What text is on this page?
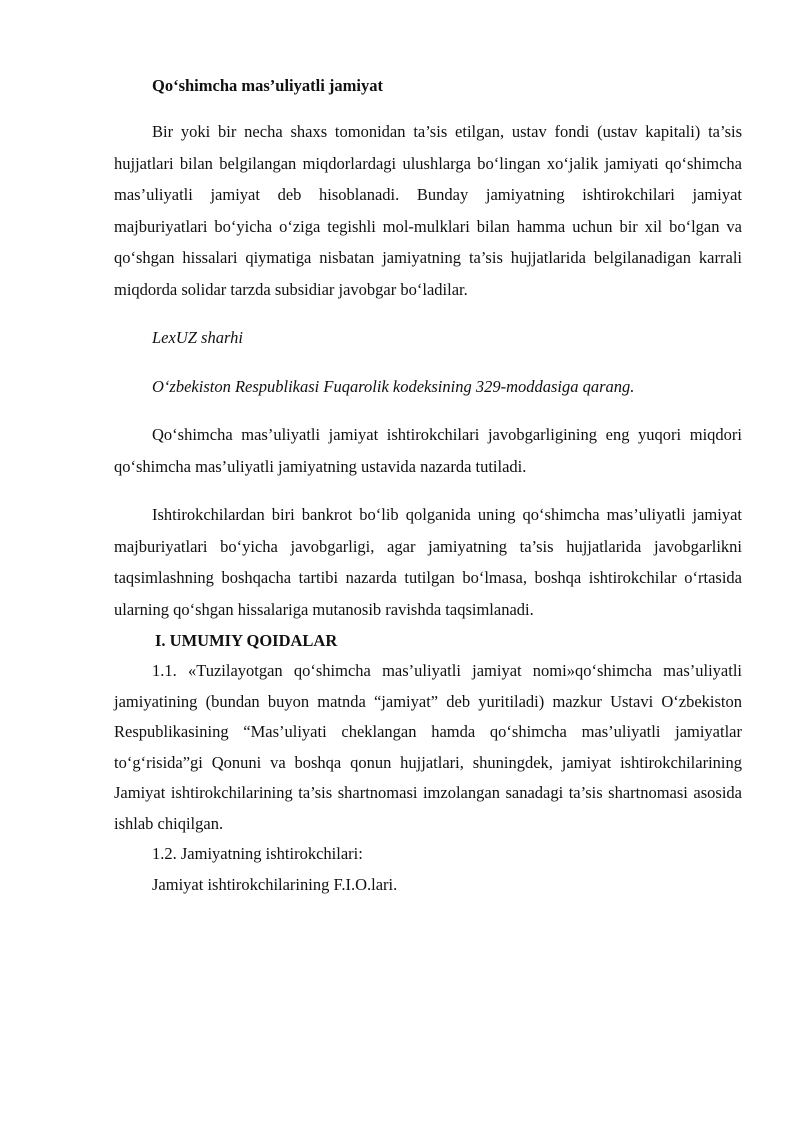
Qo‘shimcha mas’uliyatli jamiyat

Bir yoki bir necha shaxs tomonidan ta’sis etilgan, ustav fondi (ustav kapitali) ta’sis hujjatlari bilan belgilangan miqdorlardagi ulushlarga bo‘lingan xo‘jalik jamiyati qo‘shimcha mas’uliyatli jamiyat deb hisoblanadi. Bunday jamiyatning ishtirokchilari jamiyat majburiyatlari bo‘yicha o‘ziga tegishli mol-mulklari bilan hamma uchun bir xil bo‘lgan va qo‘shgan hissalari qiymatiga nisbatan jamiyatning ta’sis hujjatlarida belgilanadigan karrali miqdorda solidar tarzda subsidiar javobgar bo‘ladilar.

LexUZ sharhi

O‘zbekiston Respublikasi Fuqarolik kodeksining 329-moddasiga qarang.

Qo‘shimcha mas’uliyatli jamiyat ishtirokchilari javobgarligining eng yuqori miqdori qo‘shimcha mas’uliyatli jamiyatning ustavida nazarda tutiladi.

Ishtirokchilardan biri bankrot bo‘lib qolganida uning qo‘shimcha mas’uliyatli jamiyat majburiyatlari bo‘yicha javobgarligi, agar jamiyatning ta’sis hujjatlarida javobgarlikni taqsimlashning boshqacha tartibi nazarda tutilgan bo‘lmasa, boshqa ishtirokchilar o‘rtasida ularning qo‘shgan hissalariga mutanosib ravishda taqsimlanadi.

I. UMUMIY QOIDALAR

1.1. «Tuzilayotgan qo‘shimcha mas’uliyatli jamiyat nomi»qo‘shimcha mas’uliyatli jamiyatining (bundan buyon matnda “jamiyat” deb yuritiladi) mazkur Ustavi O‘zbekiston Respublikasining “Mas’uliyati cheklangan hamda qo‘shimcha mas’uliyatli jamiyatlar to‘g‘risida”gi Qonuni va boshqa qonun hujjatlari, shuningdek, jamiyat ishtirokchilarining Jamiyat ishtirokchilarining ta’sis shartnomasi imzolangan sanadagi ta’sis shartnomasi asosida ishlab chiqilgan.

1.2. Jamiyatning ishtirokchilari:

Jamiyat ishtirokchilarining F.I.O.lari.
